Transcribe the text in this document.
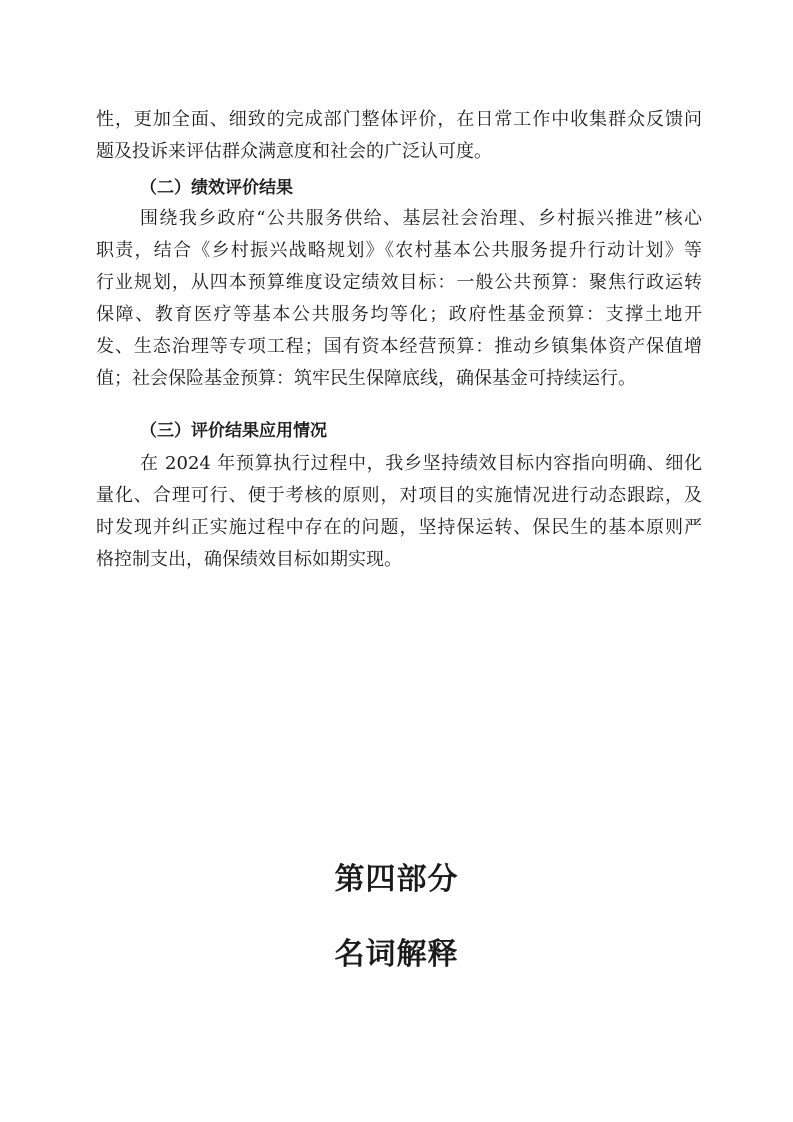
性，更加全面、细致的完成部门整体评价，在日常工作中收集群众反馈问
题及投诉来评估群众满意度和社会的广泛认可度。
（二）绩效评价结果
围绕我乡政府“公共服务供给、基层社会治理、乡村振兴推进”核心
职责，结合《乡村振兴战略规划》《农村基本公共服务提升行动计划》等
行业规划，从四本预算维度设定绩效目标：一般公共预算：聚焦行政运转
保障、教育医疗等基本公共服务均等化；政府性基金预算：支撑土地开
发、生态治理等专项工程；国有资本经营预算：推动乡镇集体资产保值增
值；社会保险基金预算：筑牢民生保障底线，确保基金可持续运行。
（三）评价结果应用情况
在 2024 年预算执行过程中，我乡坚持绩效目标内容指向明确、细化
量化、合理可行、便于考核的原则，对项目的实施情况进行动态跟踪，及
时发现并纠正实施过程中存在的问题，坚持保运转、保民生的基本原则严
格控制支出，确保绩效目标如期实现。
第四部分
名词解释
